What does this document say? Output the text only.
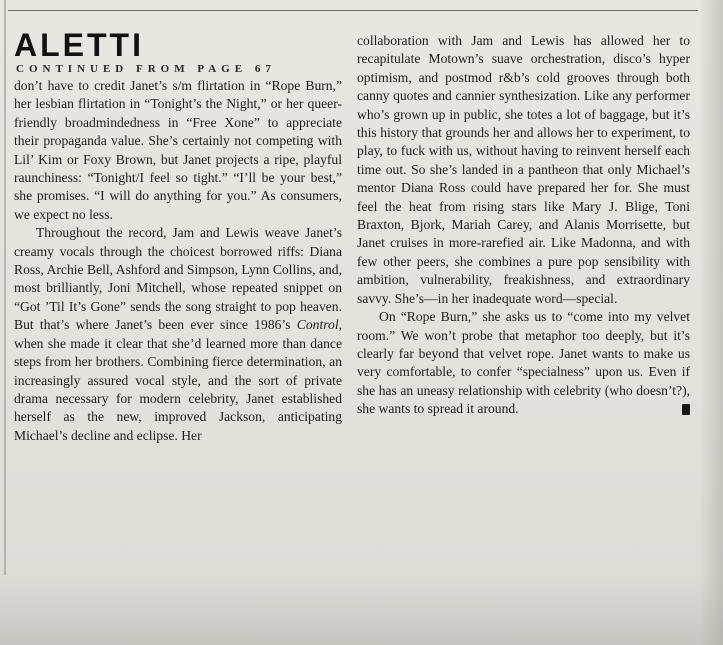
ALETTI
CONTINUED FROM PAGE 67

don’t have to credit Janet’s s/m flirtation in “Rope Burn,” her lesbian flirtation in “Tonight’s the Night,” or her queer-friendly broadmindedness in “Free Xone” to appreciate their propaganda value. She’s certainly not competing with Lil’ Kim or Foxy Brown, but Janet projects a ripe, playful raunchiness: “Tonight/I feel so tight.” “I’ll be your best,” she promises. “I will do anything for you.” As consumers, we expect no less.

Throughout the record, Jam and Lewis weave Janet’s creamy vocals through the choicest borrowed riffs: Diana Ross, Archie Bell, Ashford and Simpson, Lynn Collins, and, most brilliantly, Joni Mitchell, whose repeated snippet on “Got ’Til It’s Gone” sends the song straight to pop heaven. But that’s where Janet’s been ever since 1986’s Control, when she made it clear that she’d learned more than dance steps from her brothers. Combining fierce determination, an increasingly assured vocal style, and the sort of private drama necessary for modern celebrity, Janet established herself as the new, improved Jackson, anticipating Michael’s decline and eclipse. Her

collaboration with Jam and Lewis has allowed her to recapitulate Motown’s suave orchestration, disco’s hyper optimism, and postmod r&b’s cold grooves through both canny quotes and cannier synthesization. Like any performer who’s grown up in public, she totes a lot of baggage, but it’s this history that grounds her and allows her to experiment, to play, to fuck with us, without having to reinvent herself each time out. So she’s landed in a pantheon that only Michael’s mentor Diana Ross could have prepared her for. She must feel the heat from rising stars like Mary J. Blige, Toni Braxton, Bjork, Mariah Carey, and Alanis Morrisette, but Janet cruises in more-rarefied air. Like Madonna, and with few other peers, she combines a pure pop sensibility with ambition, vulnerability, freakishness, and extraordinary savvy. She’s—in her inadequate word—special.

On “Rope Burn,” she asks us to “come into my velvet room.” We won’t probe that metaphor too deeply, but it’s clearly far beyond that velvet rope. Janet wants to make us very comfortable, to confer “specialness” upon us. Even if she has an uneasy relationship with celebrity (who doesn’t?), she wants to spread it around.
